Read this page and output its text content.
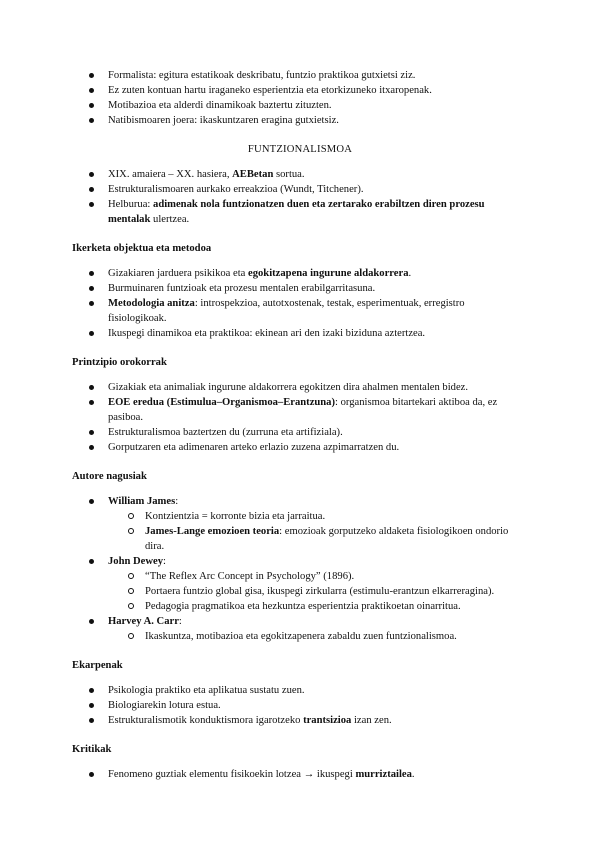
Formalista: egitura estatikoak deskribatu, funtzio praktikoa gutxietsi ziz.
Ez zuten kontuan hartu iraganeko esperientzia eta etorkizuneko itxaropenak.
Motibazioa eta alderdi dinamikoak baztertu zituzten.
Natibismoaren joera: ikaskuntzaren eragina gutxietsiz.

FUNTZIONALISMOA

XIX. amaiera – XX. hasiera, AEBetan sortua.
Estrukturalismoaren aurkako erreakzioa (Wundt, Titchener).
Helburua: adimenak nola funtzionatzen duen eta zertarako erabiltzen diren prozesu mentalak ulertzea.
Ikerketa objektua eta metodoa
Gizakiaren jarduera psikikoa eta egokitzapena ingurune aldakorrera.
Burmuinaren funtzioak eta prozesu mentalen erabilgarritasuna.
Metodologia anitza: introspekzioa, autotxostenak, testak, esperimentuak, erregistro fisiologikoak.
Ikuspegi dinamikoa eta praktikoa: ekinean ari den izaki biziduna aztertzea.
Printzipio orokorrak
Gizakiak eta animaliak ingurune aldakorrera egokitzen dira ahalmen mentalen bidez.
EOE eredua (Estimulua–Organismoa–Erantzuna): organismoa bitartekari aktiboa da, ez pasiboa.
Estrukturalismoa baztertzen du (zurruna eta artifiziala).
Gorputzaren eta adimenaren arteko erlazio zuzena azpimarratzen du.
Autore nagusiak
William James:
Kontzientzia = korronte bizia eta jarraitua.
James-Lange emozioen teoria: emozioak gorputzeko aldaketa fisiologikoen ondorio dira.
John Dewey:
“The Reflex Arc Concept in Psychology” (1896).
Portaera funtzio global gisa, ikuspegi zirkularra (estimulu-erantzun elkarreragina).
Pedagogia pragmatikoa eta hezkuntza esperientzia praktikoetan oinarritua.
Harvey A. Carr:
Ikaskuntza, motibazioa eta egokitzapenera zabaldu zuen funtzionalismoa.
Ekarpenak
Psikologia praktiko eta aplikatua sustatu zuen.
Biologiarekin lotura estua.
Estrukturalismotik konduktismora igarotzeko trantsizioa izan zen.
Kritikak
Fenomeno guztiak elementu fisikoekin lotzea → ikuspegi murriztailea.
